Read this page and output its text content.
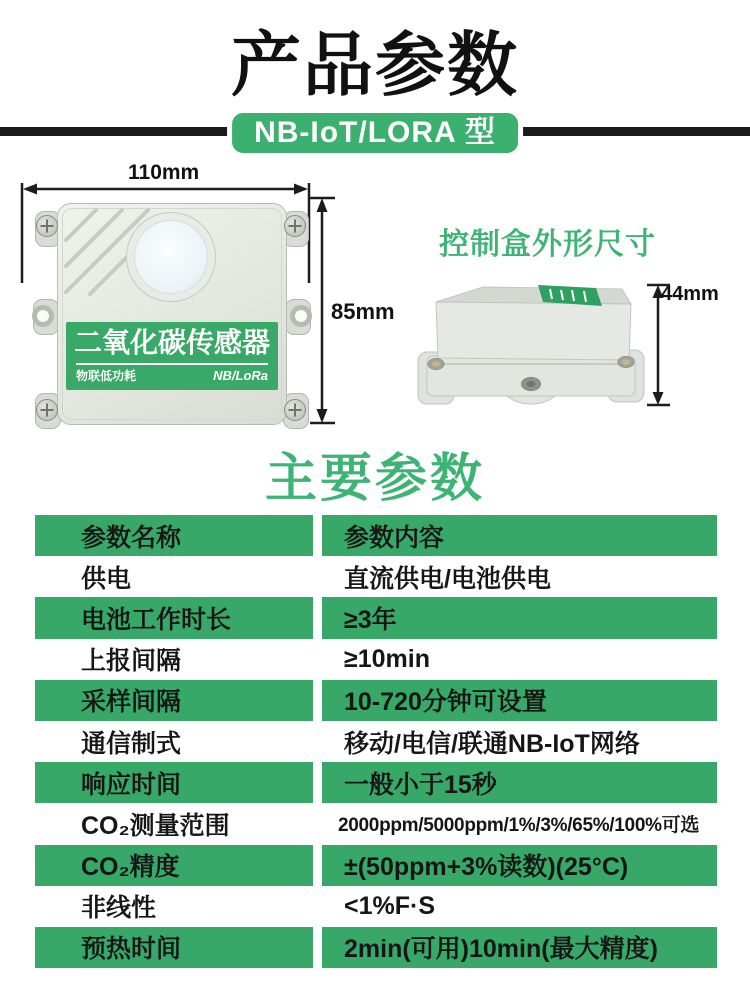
产品参数
NB-IoT/LORA 型
110mm
85mm
二氧化碳传感器
物联低功耗	NB/LoRa
控制盒外形尺寸
44mm
主要参数
参数名称	参数内容
供电	直流供电/电池供电
电池工作时长	≥3年
上报间隔	≥10min
采样间隔	10-720分钟可设置
通信制式	移动/电信/联通NB-IoT网络
响应时间	一般小于15秒
CO₂测量范围	2000ppm/5000ppm/1%/3%/65%/100%可选
CO₂精度	±(50ppm+3%读数)(25°C)
非线性	<1%F·S
预热时间	2min(可用)10min(最大精度)
